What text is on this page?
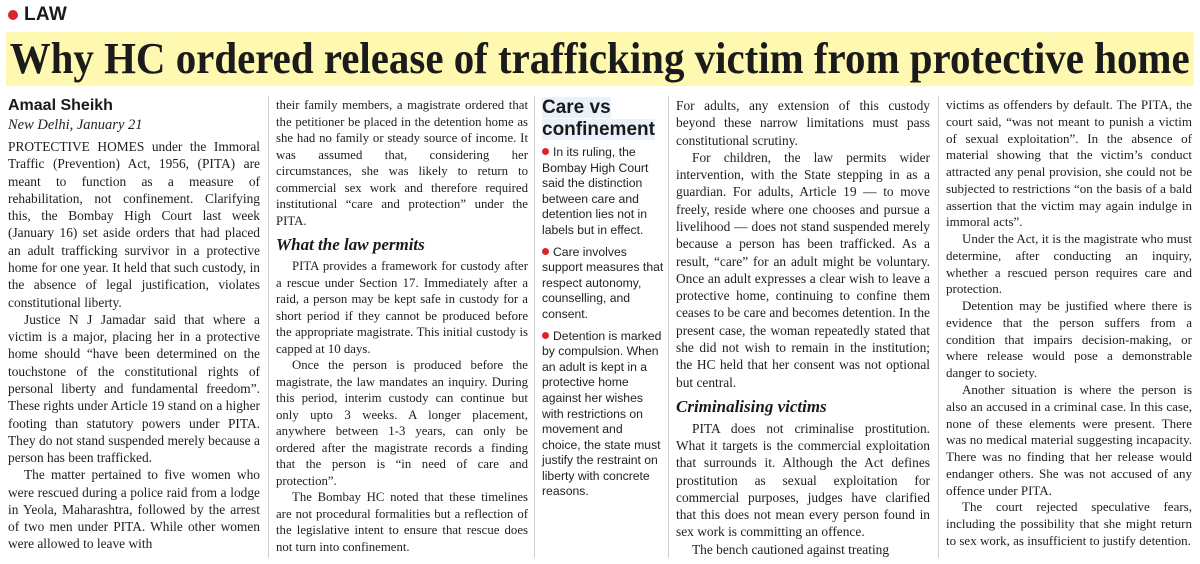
LAW
Why HC ordered release of trafficking victim from protective home
Amaal Sheikh
New Delhi, January 21

PROTECTIVE HOMES under the Immoral Traffic (Prevention) Act, 1956, (PITA) are meant to function as a measure of rehabilitation, not confinement. Clarifying this, the Bombay High Court last week (January 16) set aside orders that had placed an adult trafficking survivor in a protective home for one year. It held that such custody, in the absence of legal justification, violates constitutional liberty.

Justice N J Jamadar said that where a victim is a major, placing her in a protective home should “have been determined on the touchstone of the constitutional rights of personal liberty and fundamental freedom”. These rights under Article 19 stand on a higher footing than statutory powers under PITA. They do not stand suspended merely because a person has been trafficked.

The matter pertained to five women who were rescued during a police raid from a lodge in Yeola, Maharashtra, followed by the arrest of two men under PITA. While other women were allowed to leave with

their family members, a magistrate ordered that the petitioner be placed in the detention home as she had no family or steady source of income. It was assumed that, considering her circumstances, she was likely to return to commercial sex work and therefore required institutional “care and protection” under the PITA.

What the law permits

PITA provides a framework for custody after a rescue under Section 17. Immediately after a raid, a person may be kept safe in custody for a short period if they cannot be produced before the appropriate magistrate. This initial custody is capped at 10 days.

Once the person is produced before the magistrate, the law mandates an inquiry. During this period, interim custody can continue but only upto 3 weeks. A longer placement, anywhere between 1-3 years, can only be ordered after the magistrate records a finding that the person is “in need of care and protection”.

The Bombay HC noted that these timelines are not procedural formalities but a reflection of the legislative intent to ensure that rescue does not turn into confinement.

Care vs
confinement

In its ruling, the Bombay High Court said the distinction between care and detention lies not in labels but in effect.

Care involves support measures that respect autonomy, counselling, and consent.

Detention is marked by compulsion. When an adult is kept in a protective home against her wishes with restrictions on movement and choice, the state must justify the restraint on liberty with concrete reasons.

For adults, any extension of this custody beyond these narrow limitations must pass constitutional scrutiny.

For children, the law permits wider intervention, with the State stepping in as a guardian. For adults, Article 19 — to move freely, reside where one chooses and pursue a livelihood — does not stand suspended merely because a person has been trafficked. As a result, “care” for an adult might be voluntary. Once an adult expresses a clear wish to leave a protective home, continuing to confine them ceases to be care and becomes detention. In the present case, the woman repeatedly stated that she did not wish to remain in the institution; the HC held that her consent was not optional but central.

Criminalising victims

PITA does not criminalise prostitution. What it targets is the commercial exploitation that surrounds it. Although the Act defines prostitution as sexual exploitation for commercial purposes, judges have clarified that this does not mean every person found in sex work is committing an offence.

The bench cautioned against treating

victims as offenders by default. The PITA, the court said, “was not meant to punish a victim of sexual exploitation”. In the absence of material showing that the victim’s conduct attracted any penal provision, she could not be subjected to restrictions “on the basis of a bald assertion that the victim may again indulge in immoral acts”.

Under the Act, it is the magistrate who must determine, after conducting an inquiry, whether a rescued person requires care and protection.

Detention may be justified where there is evidence that the person suffers from a condition that impairs decision-making, or where release would pose a demonstrable danger to society.

Another situation is where the person is also an accused in a criminal case. In this case, none of these elements were present. There was no medical material suggesting incapacity. There was no finding that her release would endanger others. She was not accused of any offence under PITA.

The court rejected speculative fears, including the possibility that she might return to sex work, as insufficient to justify detention.
